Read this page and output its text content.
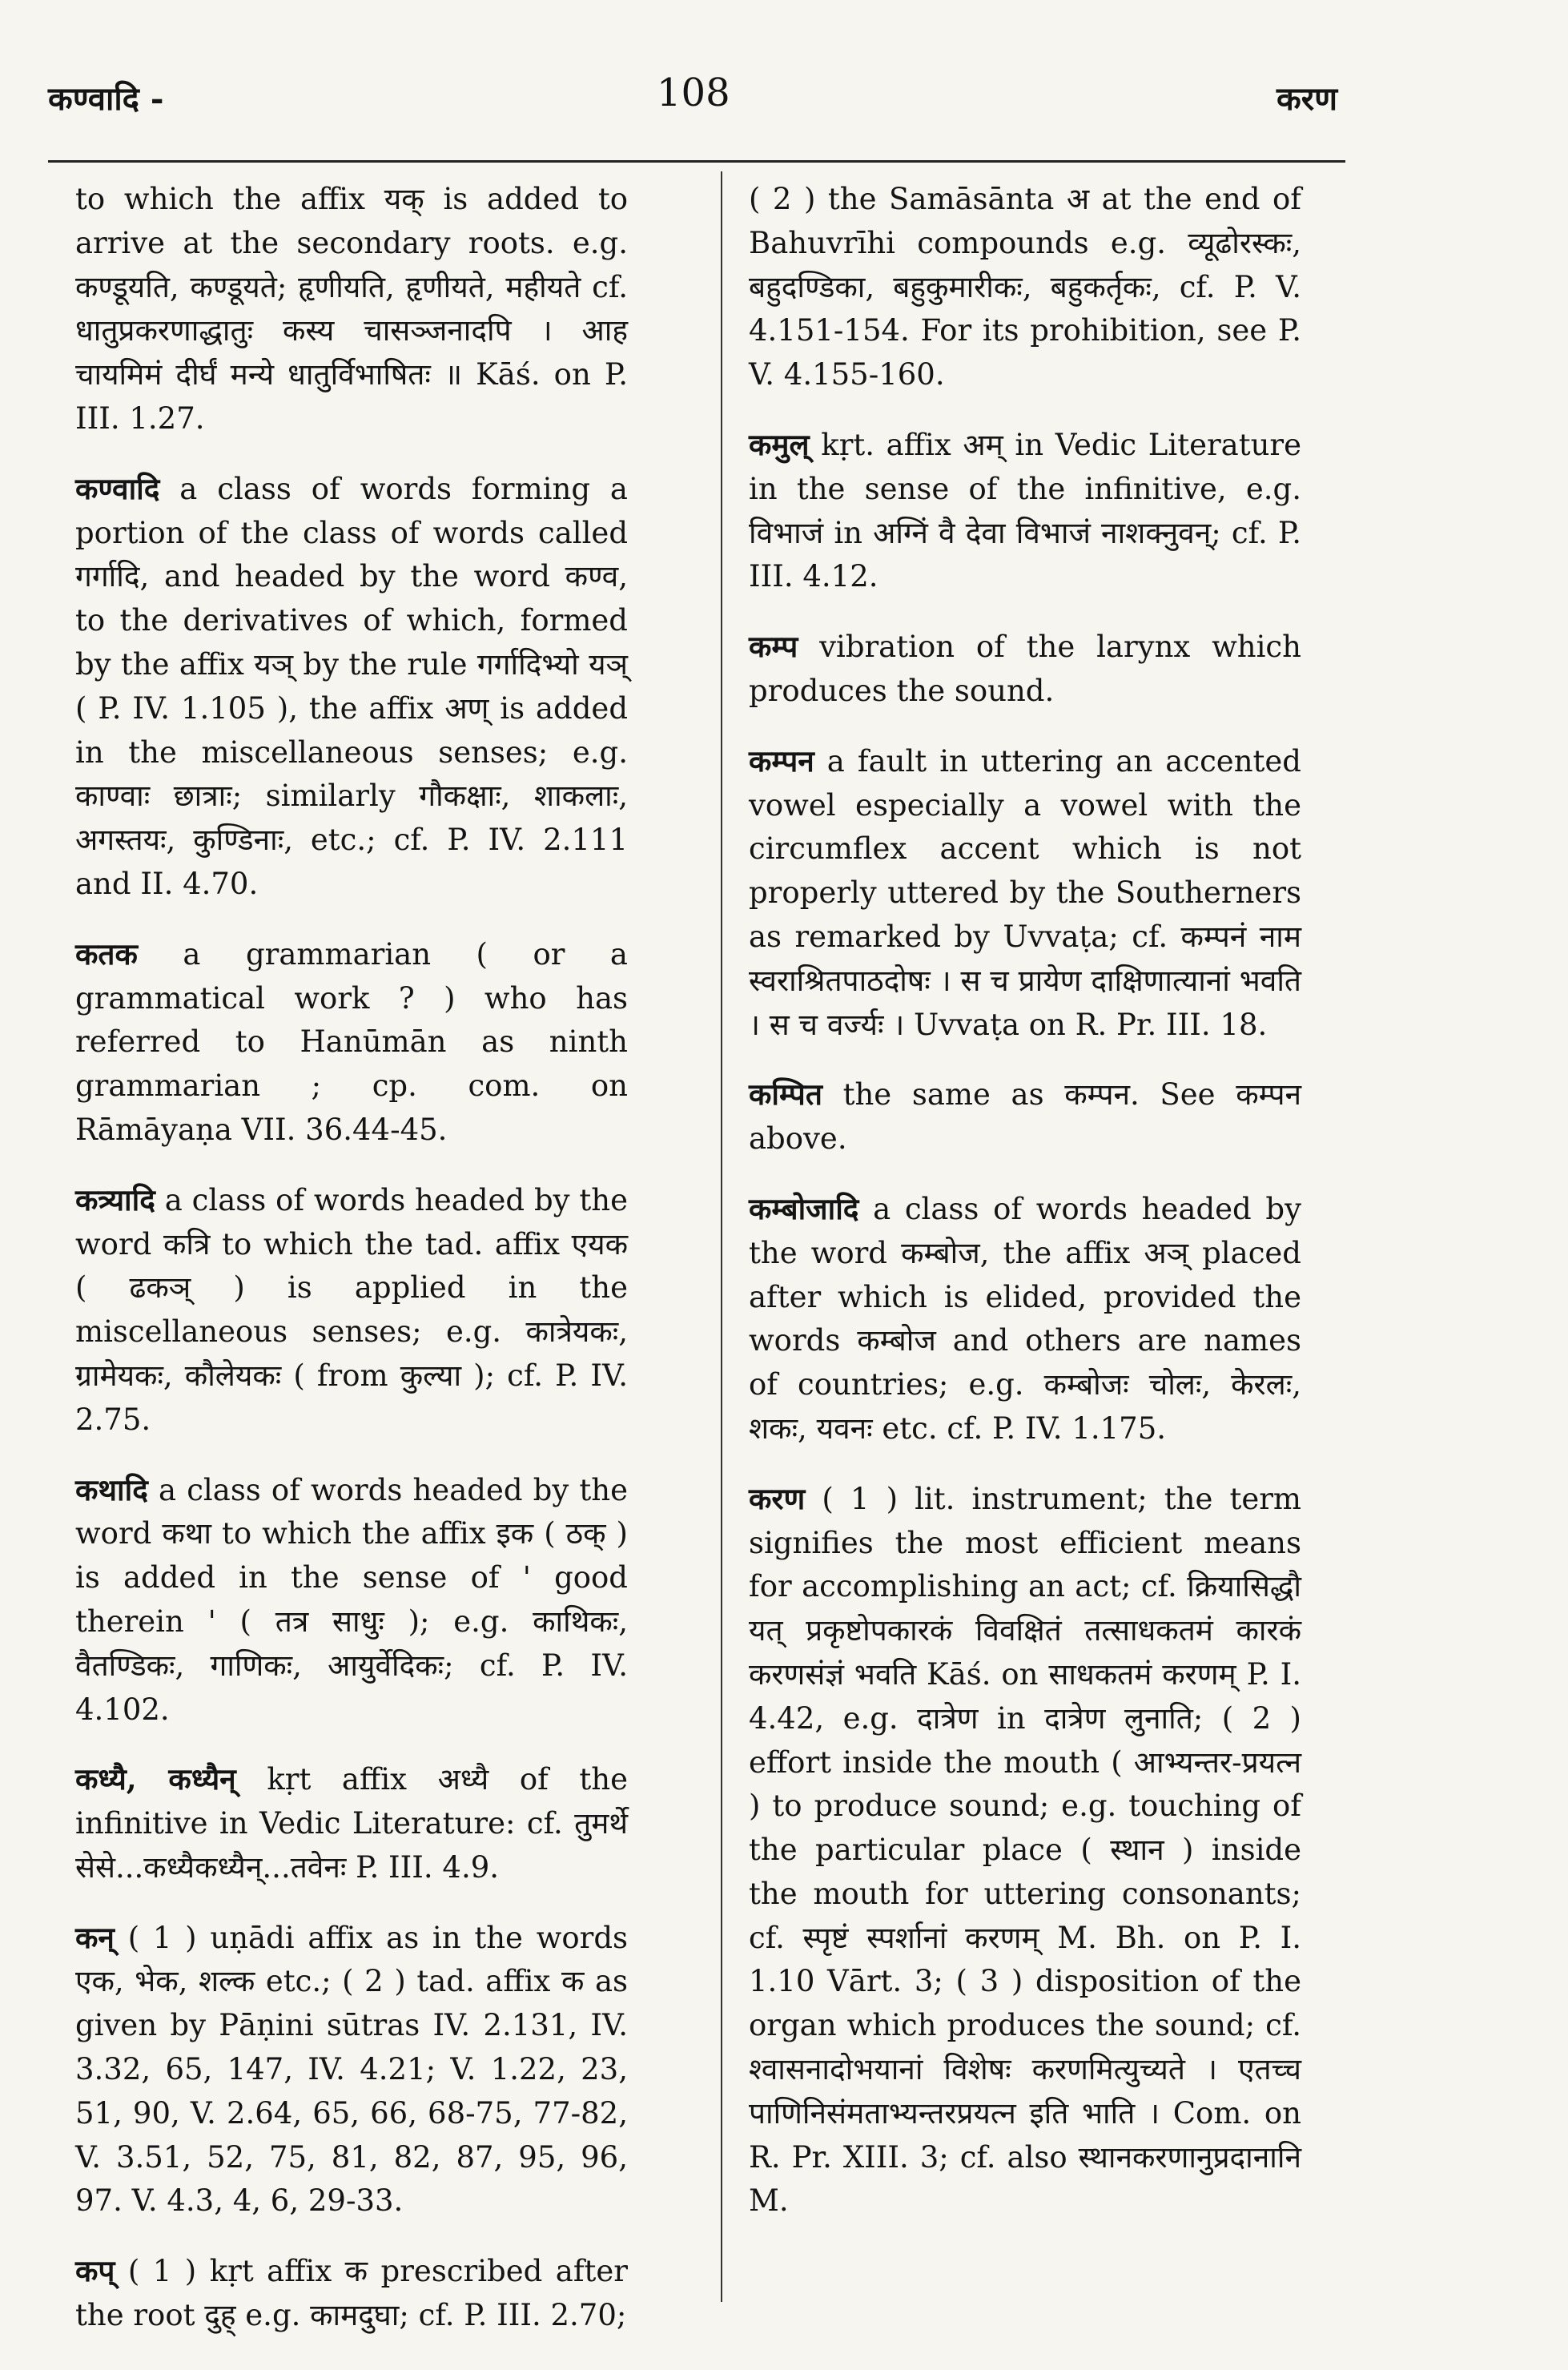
कण्वादि -	108	करण
to which the affix यक् is added to arrive at the secondary roots. e.g. कण्डूयति, कण्डूयते; हृणीयति, हृणीयते, महीयते cf. धातुप्रकरणाद्धातुः कस्य चासञ्जनादपि । आह चायमिमं दीर्घं मन्ये धातुर्विभाषितः ॥ Kāś. on P. III. 1.27.
कण्वादि a class of words forming a portion of the class of words called गर्गादि, and headed by the word कण्व, to the derivatives of which, formed by the affix यञ् by the rule गर्गादिभ्यो यञ् ( P. IV. 1.105 ), the affix अण् is added in the miscellaneous senses; e.g. काण्वाः छात्राः; similarly गौकक्षाः, शाकलाः, अगस्तयः, कुण्डिनाः, etc.; cf. P. IV. 2.111 and II. 4.70.
कतक a grammarian ( or a grammatical work ? ) who has referred to Hanūmān as ninth grammarian ; cp. com. on Rāmāyaṇa VII. 36.44-45.
कत्र्यादि a class of words headed by the word कत्रि to which the tad. affix एयक ( ढकञ् ) is applied in the miscellaneous senses; e.g. कात्रेयकः, ग्रामेयकः, कौलेयकः ( from कुल्या ); cf. P. IV. 2.75.
कथादि a class of words headed by the word कथा to which the affix इक ( ठक् ) is added in the sense of ' good therein ' ( तत्र साधुः ); e.g. काथिकः, वैतण्डिकः, गाणिकः, आयुर्वेदिकः; cf. P. IV. 4.102.
कध्यै, कध्यैन् kṛt affix अध्यै of the infinitive in Vedic Literature: cf. तुमर्थे सेसे...कध्यैकध्यैन्...तवेनः P. III. 4.9.
कन् ( 1 ) uṇādi affix as in the words एक, भेक, शल्क etc.; ( 2 ) tad. affix क as given by Pāṇini sūtras IV. 2.131, IV. 3.32, 65, 147, IV. 4.21; V. 1.22, 23, 51, 90, V. 2.64, 65, 66, 68-75, 77-82, V. 3.51, 52, 75, 81, 82, 87, 95, 96, 97. V. 4.3, 4, 6, 29-33.
कप् ( 1 ) kṛt affix क prescribed after the root दुह् e.g. कामदुघा; cf. P. III. 2.70;
( 2 ) the Samāsānta अ at the end of Bahuvrīhi compounds e.g. व्यूढोरस्कः, बहुदण्डिका, बहुकुमारीकः, बहुकर्तृकः, cf. P. V. 4.151-154. For its prohibition, see P. V. 4.155-160.
कमुल् kṛt. affix अम् in Vedic Literature in the sense of the infinitive, e.g. विभाजं in अग्निं वै देवा विभाजं नाशक्नुवन्; cf. P. III. 4.12.
कम्प vibration of the larynx which produces the sound.
कम्पन a fault in uttering an accented vowel especially a vowel with the circumflex accent which is not properly uttered by the Southerners as remarked by Uvvaṭa; cf. कम्पनं नाम स्वराश्रितपाठदोषः । स च प्रायेण दाक्षिणात्यानां भवति । स च वर्ज्यः । Uvvaṭa on R. Pr. III. 18.
कम्पित the same as कम्पन. See कम्पन above.
कम्बोजादि a class of words headed by the word कम्बोज, the affix अञ् placed after which is elided, provided the words कम्बोज and others are names of countries; e.g. कम्बोजः चोलः, केरलः, शकः, यवनः etc. cf. P. IV. 1.175.
करण ( 1 ) lit. instrument; the term signifies the most efficient means for accomplishing an act; cf. क्रियासिद्धौ यत् प्रकृष्टोपकारकं विवक्षितं तत्साधकतमं कारकं करणसंज्ञं भवति Kāś. on साधकतमं करणम् P. I. 4.42, e.g. दात्रेण in दात्रेण लुनाति; ( 2 ) effort inside the mouth ( आभ्यन्तर-प्रयत्न ) to produce sound; e.g. touching of the particular place ( स्थान ) inside the mouth for uttering consonants; cf. स्पृष्टं स्पर्शानां करणम् M. Bh. on P. I. 1.10 Vārt. 3; ( 3 ) disposition of the organ which produces the sound; cf. श्वासनादोभयानां विशेषः करणमित्युच्यते । एतच्च पाणिनिसंमताभ्यन्तरप्रयत्न इति भाति । Com. on R. Pr. XIII. 3; cf. also स्थानकरणानुप्रदानानि M.
